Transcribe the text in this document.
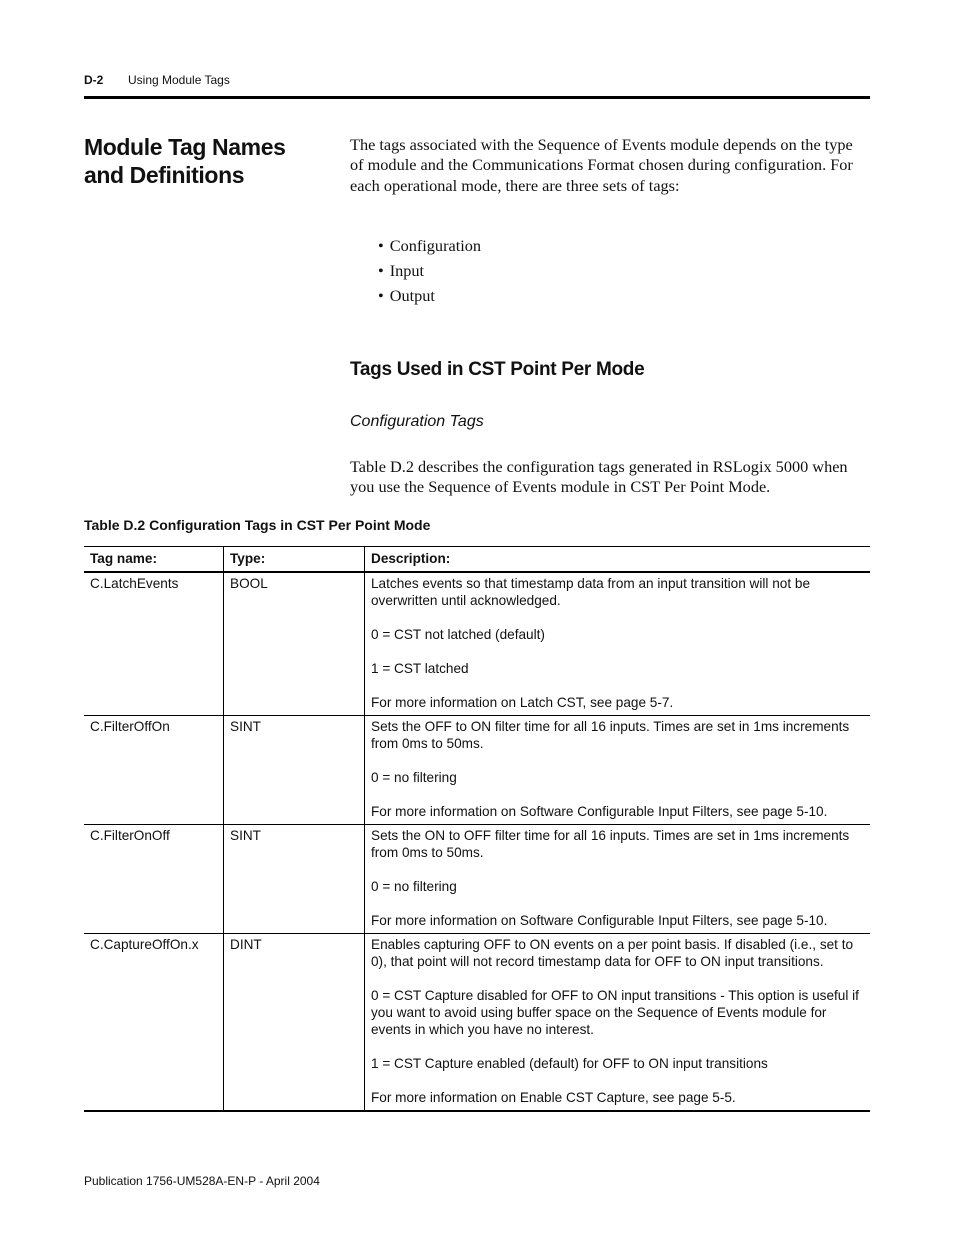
D-2 Using Module Tags
Module Tag Names and Definitions

The tags associated with the Sequence of Events module depends on the type of module and the Communications Format chosen during configuration. For each operational mode, there are three sets of tags:

• Configuration
• Input
• Output
Tags Used in CST Point Per Mode
Configuration Tags

Table D.2 describes the configuration tags generated in RSLogix 5000 when you use the Sequence of Events module in CST Per Point Mode.

Table D.2 Configuration Tags in CST Per Point Mode
Tag name:	Type:	Description:
C.LatchEvents	BOOL	Latches events so that timestamp data from an input transition will not be overwritten until acknowledged.

0 = CST not latched (default)

1 = CST latched

For more information on Latch CST, see page 5-7.

C.FilterOffOn	SINT	Sets the OFF to ON filter time for all 16 inputs. Times are set in 1ms increments from 0ms to 50ms.

0 = no filtering

For more information on Software Configurable Input Filters, see page 5-10.

C.FilterOnOff	SINT	Sets the ON to OFF filter time for all 16 inputs. Times are set in 1ms increments from 0ms to 50ms.

0 = no filtering

For more information on Software Configurable Input Filters, see page 5-10.

C.CaptureOffOn.x	DINT	Enables capturing OFF to ON events on a per point basis. If disabled (i.e., set to 0), that point will not record timestamp data for OFF to ON input transitions.

0 = CST Capture disabled for OFF to ON input transitions - This option is useful if you want to avoid using buffer space on the Sequence of Events module for events in which you have no interest.

1 = CST Capture enabled (default) for OFF to ON input transitions

For more information on Enable CST Capture, see page 5-5.

Publication 1756-UM528A-EN-P - April 2004
